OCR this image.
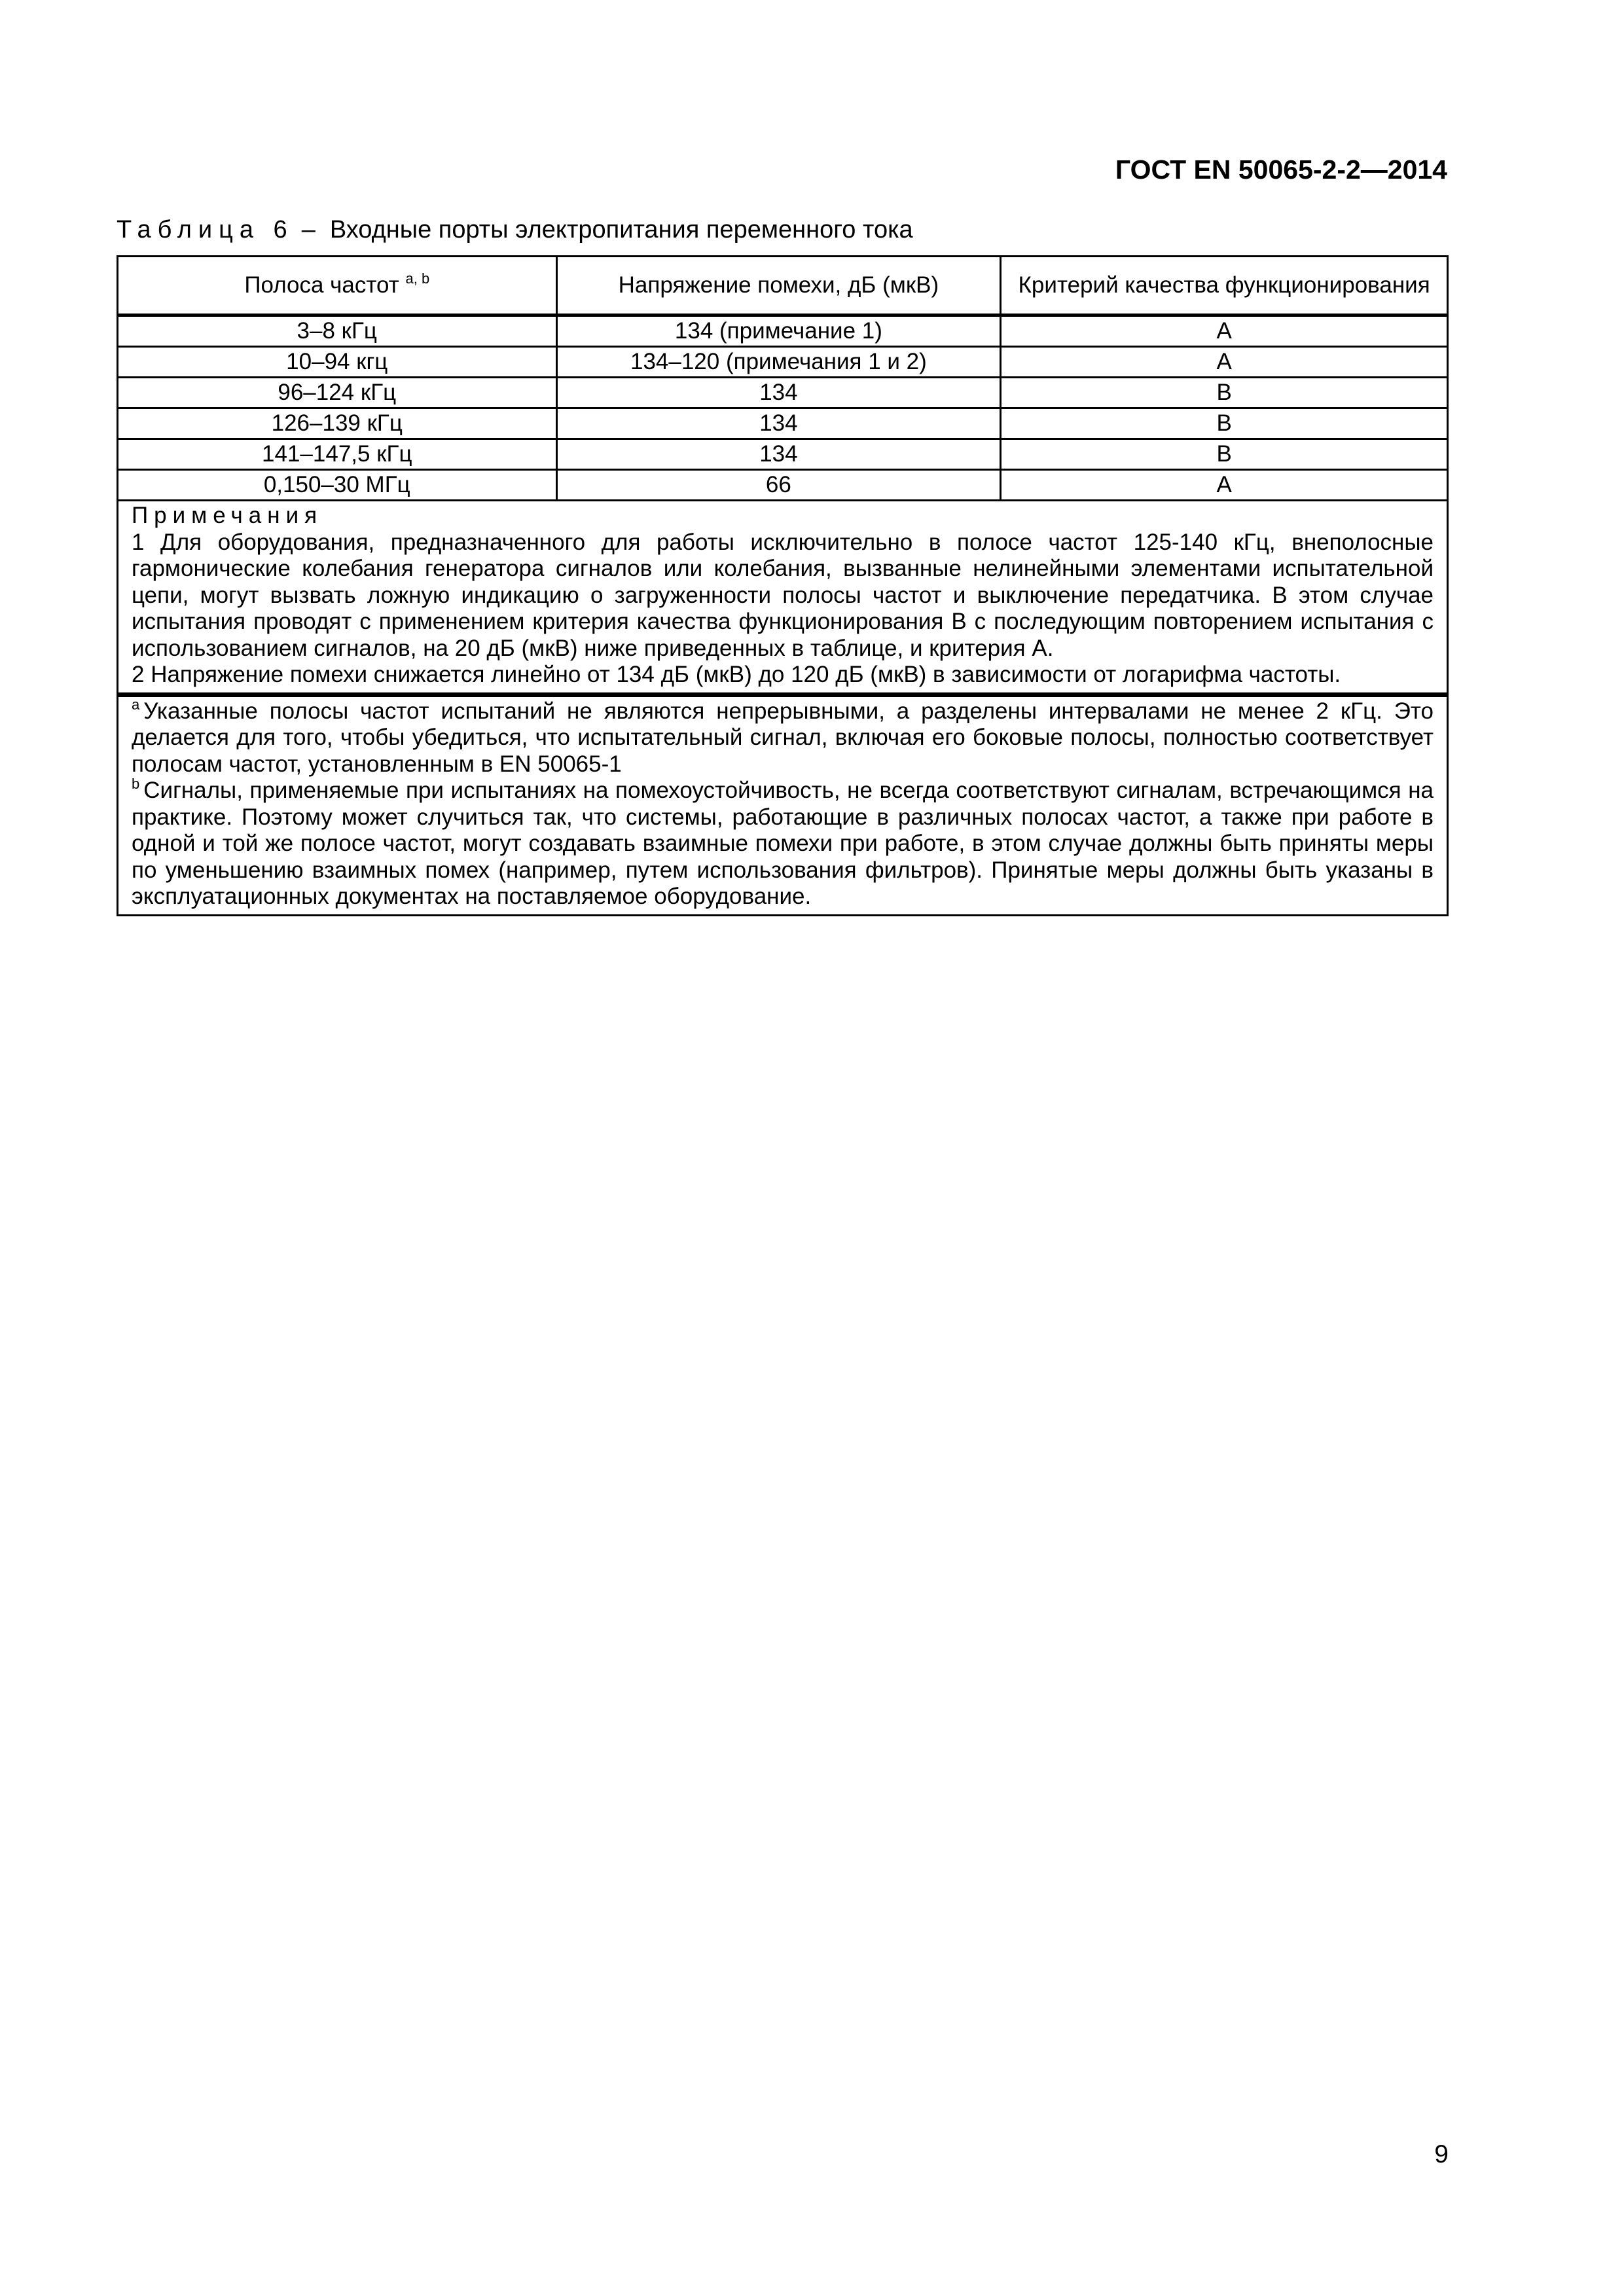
ГОСТ EN 50065-2-2—2014
Таблица 6 – Входные порты электропитания переменного тока
Полоса частот $^{a, b}$	Напряжение помехи, дБ (мкВ)	Критерий качества функционирования
3–8 кГц	134 (примечание 1)	A
10–94 кгц	134–120 (примечания 1 и 2)	A
96–124 кГц	134	B
126–139 кГц	134	B
141–147,5 кГц	134	B
0,150–30 МГц	66	A

Примечания

1 Для оборудования, предназначенного для работы исключительно в полосе частот 125-140 кГц, внеполосные гармонические колебания генератора сигналов или колебания, вызванные нелинейными элементами испытательной цепи, могут вызвать ложную индикацию о загруженности полосы частот и выключение передатчика. В этом случае испытания проводят с применением критерия качества функционирования B с последующим повторением испытания с использованием сигналов, на 20 дБ (мкВ) ниже приведенных в таблице, и критерия A.

2 Напряжение помехи снижается линейно от 134 дБ (мкВ) до 120 дБ (мкВ) в зависимости от логарифма частоты.

$^a$ Указанные полосы частот испытаний не являются непрерывными, а разделены интервалами не менее 2 кГц. Это делается для того, чтобы убедиться, что испытательный сигнал, включая его боковые полосы, полностью соответствует полосам частот, установленным в EN 50065-1

$^b$ Сигналы, применяемые при испытаниях на помехоустойчивость, не всегда соответствуют сигналам, встречающимся на практике. Поэтому может случиться так, что системы, работающие в различных полосах частот, а также при работе в одной и той же полосе частот, могут создавать взаимные помехи при работе, в этом случае должны быть приняты меры по уменьшению взаимных помех (например, путем использования фильтров). Принятые меры должны быть указаны в эксплуатационных документах на поставляемое оборудование.

9
